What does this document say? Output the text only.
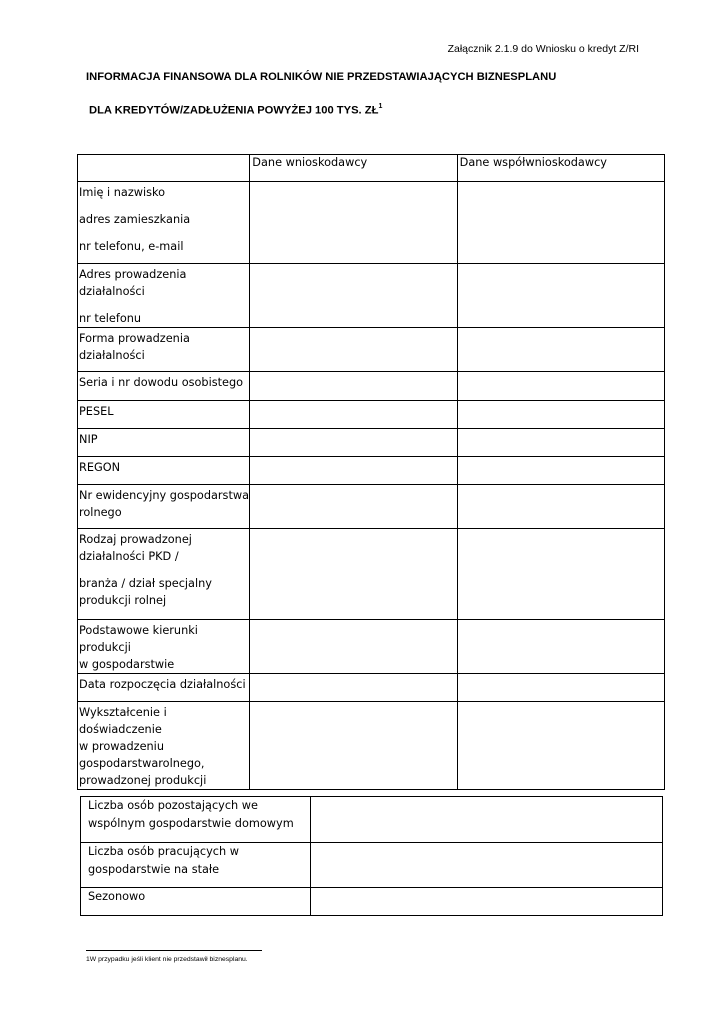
Załącznik 2.1.9 do Wniosku o kredyt Z/RI
INFORMACJA FINANSOWA DLA ROLNIKÓW NIE PRZEDSTAWIAJĄCYCH BIZNESPLANU
DLA KREDYTÓW/ZADŁUŻENIA POWYŻEJ 100 TYS. $ZŁ^1$
	Dane wnioskodawcy	Dane współwnioskodawcy

Imię i nazwisko
adres zamieszkania
nr telefonu, e-mail		

Adres prowadzenia działalności
nr telefonu		

Forma prowadzenia
działalności		

Seria i nr dowodu osobistego		

PESEL		

NIP		

REGON		

Nr ewidencyjny gospodarstwa
rolnego		

Rodzaj prowadzonej
działalności PKD /
branża / dział specjalny
produkcji rolnej		

Podstawowe kierunki produkcji
w gospodarstwie		

Data rozpoczęcia działalności		

Wykształcenie i doświadczenie
w prowadzeniu
gospodarstwarolnego,
prowadzonej produkcji		

Liczba osób pozostających we
wspólnym gospodarstwie domowym	

Liczba osób pracujących w
gospodarstwie na stałe	

Sezonowo	

1W przypadku jeśli klient nie przedstawił biznesplanu.
